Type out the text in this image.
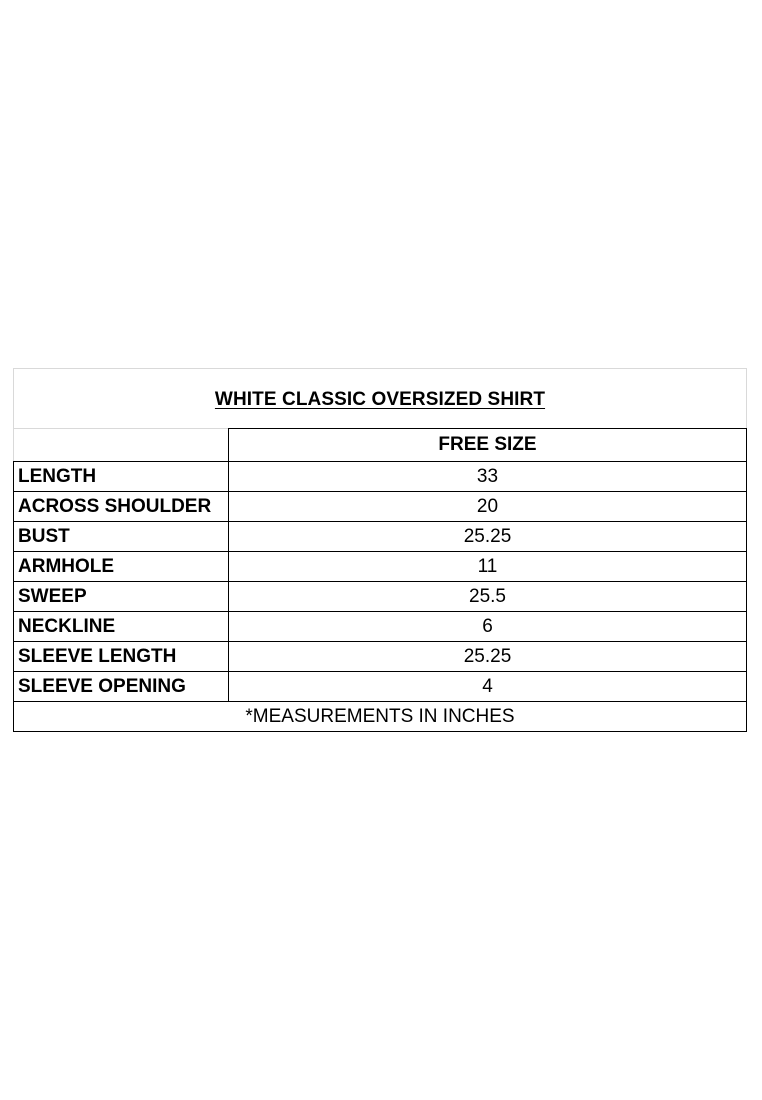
WHITE CLASSIC OVERSIZED SHIRT
	FREE SIZE
LENGTH	33
ACROSS SHOULDER	20
BUST	25.25
ARMHOLE	11
SWEEP	25.5
NECKLINE	6
SLEEVE LENGTH	25.25
SLEEVE OPENING	4
*MEASUREMENTS IN INCHES	
